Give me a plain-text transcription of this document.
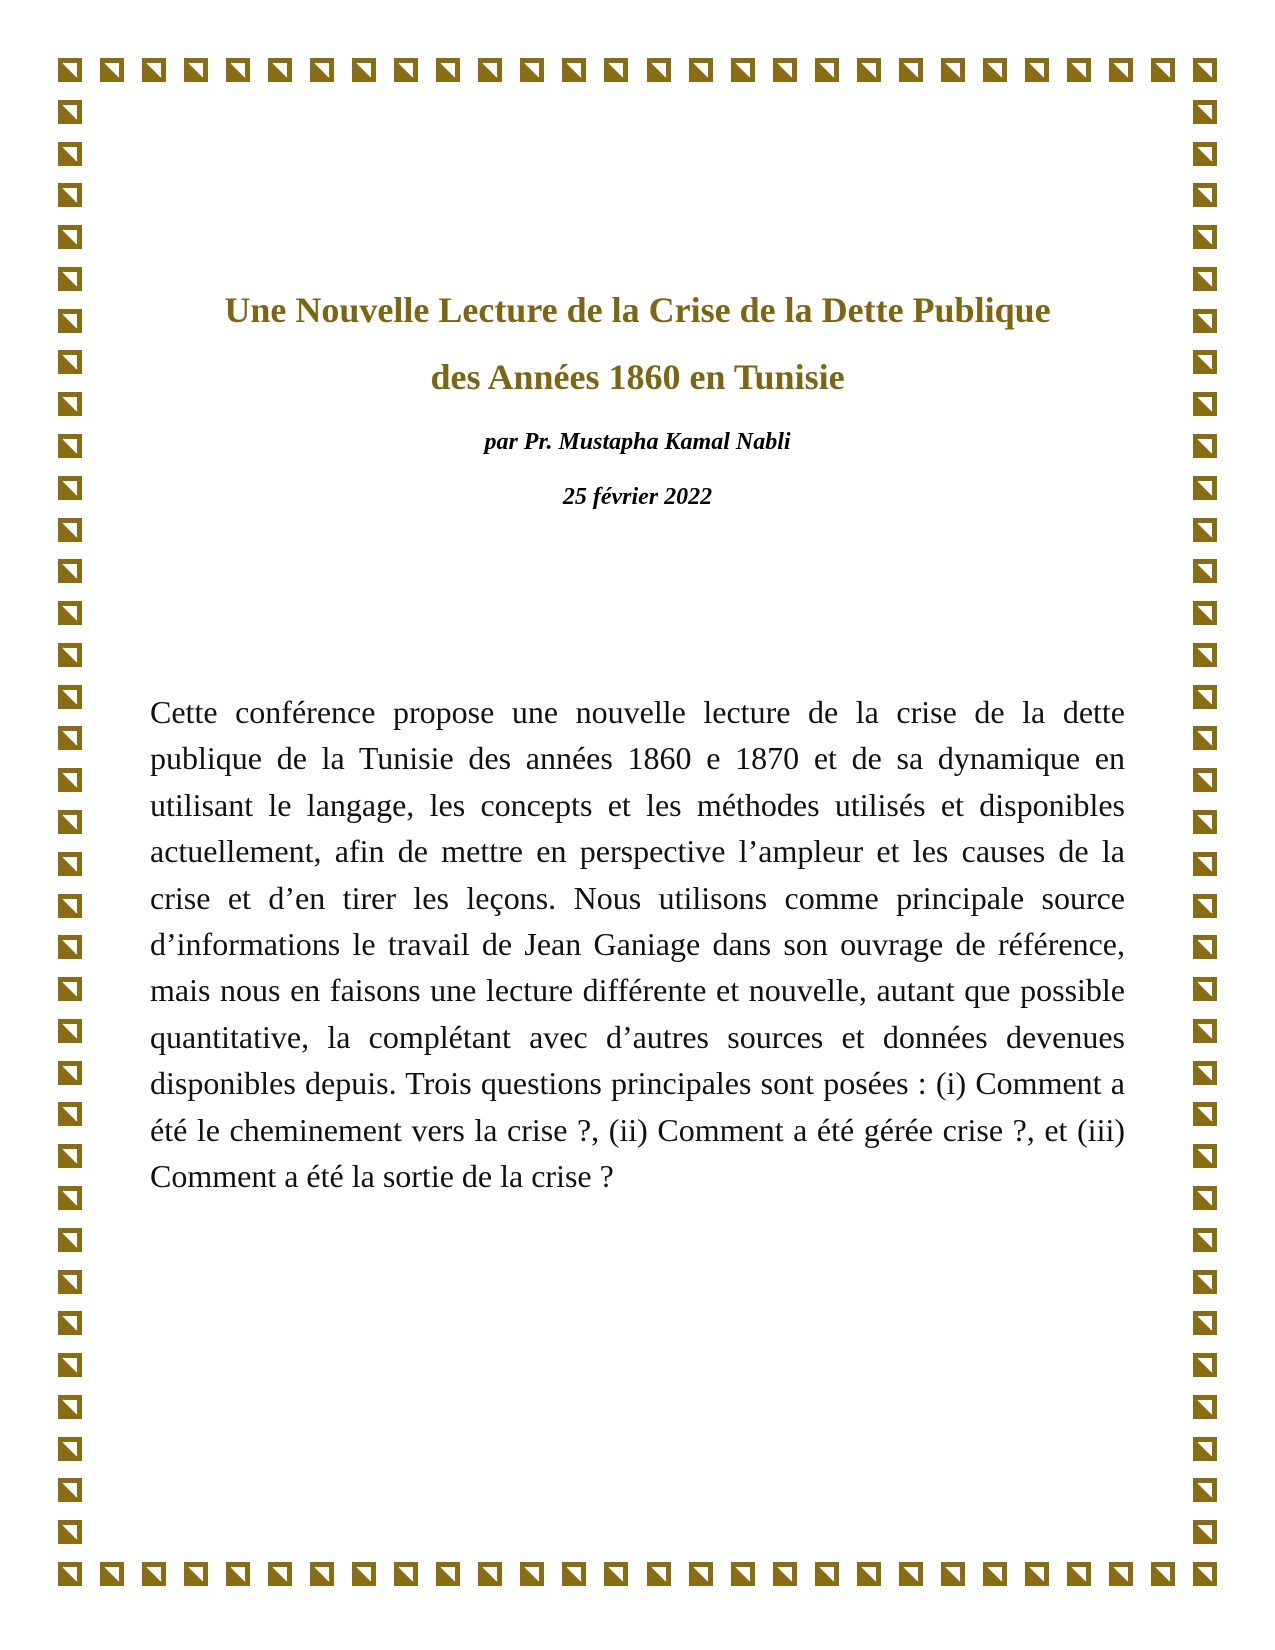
Une Nouvelle Lecture de la Crise de la Dette Publique
des Années 1860 en Tunisie
par Pr. Mustapha Kamal Nabli
25 février 2022

Cette conférence propose une nouvelle lecture de la crise de la dette publique de la Tunisie des années 1860 e 1870 et de sa dynamique en utilisant le langage, les concepts et les méthodes utilisés et disponibles actuellement, afin de mettre en perspective l’ampleur et les causes de la crise et d’en tirer les leçons. Nous utilisons comme principale source d’informations le travail de Jean Ganiage dans son ouvrage de référence, mais nous en faisons une lecture différente et nouvelle, autant que possible quantitative, la complétant avec d’autres sources et données devenues disponibles depuis. Trois questions principales sont posées : (i) Comment a été le cheminement vers la crise ?, (ii) Comment a été gérée crise ?, et (iii) Comment a été la sortie de la crise ?
